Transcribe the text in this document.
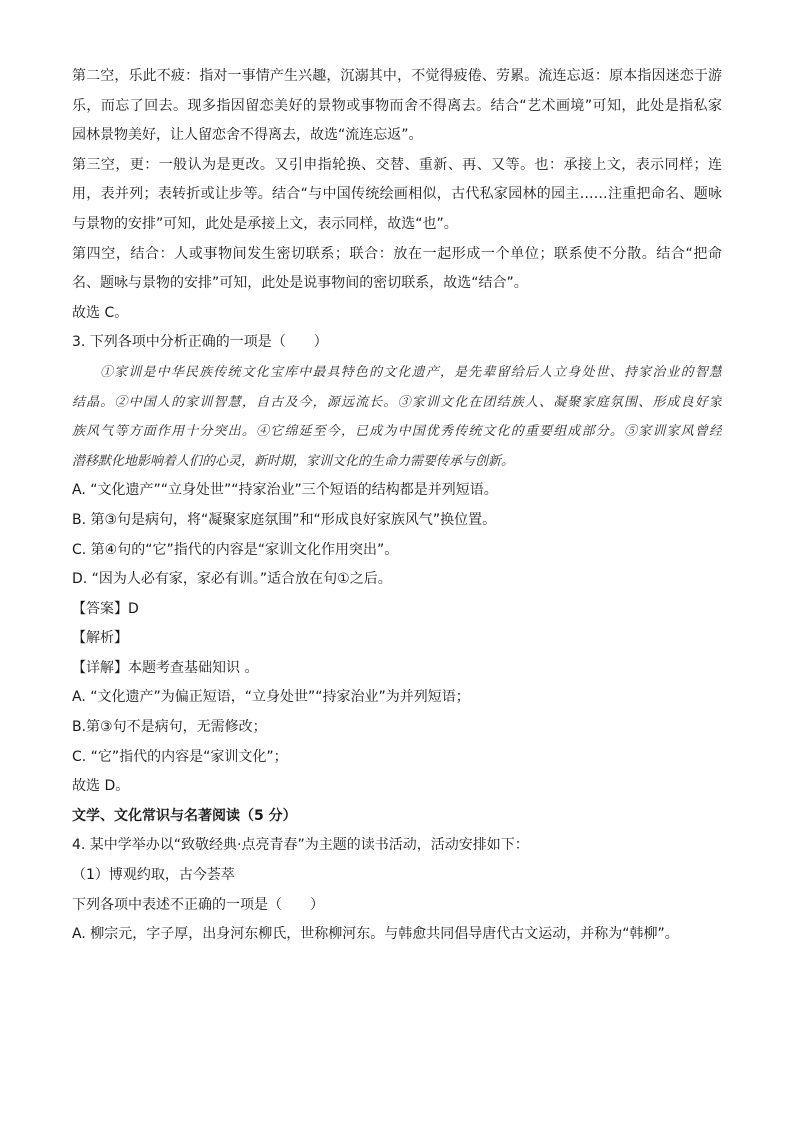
第二空，乐此不疲：指对一事情产生兴趣，沉溺其中，不觉得疲倦、劳累。流连忘返：原本指因迷恋于游
乐，而忘了回去。现多指因留恋美好的景物或事物而舍不得离去。结合“艺术画境”可知，此处是指私家
园林景物美好，让人留恋舍不得离去，故选“流连忘返”。
第三空，更：一般认为是更改。又引申指轮换、交替、重新、再、又等。也：承接上文，表示同样；连
用，表并列；表转折或让步等。结合“与中国传统绘画相似，古代私家园林的园主……注重把命名、题咏
与景物的安排”可知，此处是承接上文，表示同样，故选“也”。
第四空，结合：人或事物间发生密切联系；联合：放在一起形成一个单位；联系使不分散。结合“把命
名、题咏与景物的安排”可知，此处是说事物间的密切联系，故选“结合”。
故选 C。
3. 下列各项中分析正确的一项是（　　）
①家训是中华民族传统文化宝库中最具特色的文化遗产，是先辈留给后人立身处世、持家治业的智慧
结晶。②中国人的家训智慧，自古及今，源远流长。③家训文化在团结族人、凝聚家庭氛围、形成良好家
族风气等方面作用十分突出。④它绵延至今，已成为中国优秀传统文化的重要组成部分。⑤家训家风曾经
潜移默化地影响着人们的心灵，新时期，家训文化的生命力需要传承与创新。
A. “文化遗产”“立身处世”“持家治业”三个短语的结构都是并列短语。
B. 第③句是病句，将“凝聚家庭氛围”和“形成良好家族风气”换位置。
C. 第④句的“它”指代的内容是“家训文化作用突出”。
D. “因为人必有家，家必有训。”适合放在句①之后。
【答案】D
【解析】
【详解】本题考查基础知识 。
A. “文化遗产”为偏正短语，“立身处世”“持家治业”为并列短语；
B.第③句不是病句，无需修改；
C. “它”指代的内容是“家训文化”；
故选 D。
文学、文化常识与名著阅读（5 分）
4. 某中学举办以“致敬经典·点亮青春”为主题的读书活动，活动安排如下：
（1）博观约取，古今荟萃
下列各项中表述不正确的一项是（　　）
A. 柳宗元，字子厚，出身河东柳氏，世称柳河东。与韩愈共同倡导唐代古文运动，并称为“韩柳”。
